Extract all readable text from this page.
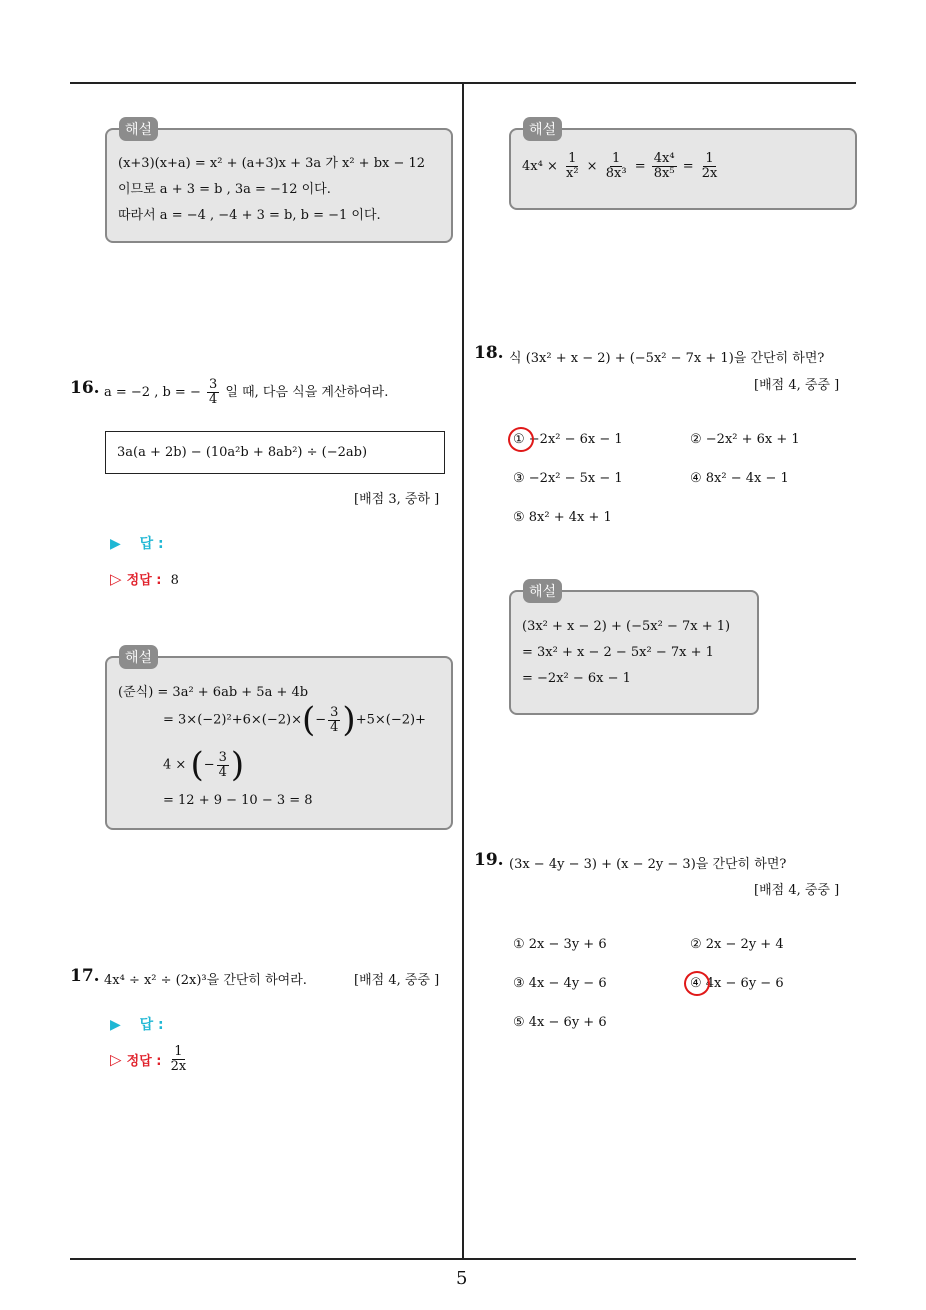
5
해설
(x+3)(x+a) = x² + (a+3)x + 3a 가 x² + bx − 12
이므로 a + 3 = b , 3a = −12 이다.
따라서 a = −4 , −4 + 3 = b, b = −1 이다.
16. a = −2 , b = − $\frac{3}{4}$ 일 때, 다음 식을 계산하여라.
3a(a + 2b) − (10a²b + 8ab²) ÷ (−2ab)
[배점 3, 중하 ]
▶ 답 :
▷ 정답 : 8
해설
(준식) = 3a² + 6ab + 5a + 4b
= $3\times(-2)^2+6\times(-2)\times(- \frac{3}{4} )+5\times(-2)+$
4 × (− $\frac{3}{4}$ )
= 12 + 9 − 10 − 3 = 8
17. 4x⁴ ÷ x² ÷ (2x)³을 간단히 하여라.	[배점 4, 중중 ]
▶ 답 :
▷ 정답 : $\frac{1}{2x}$
해설
$4x^4 \times \frac{1}{\text{x²}} \times \frac{1}{\text{8x³}} = \frac{\text{4x⁴}}{\text{8x⁵}} = \frac{1}{2x}$
18. 식 (3x² + x − 2) + (−5x² − 7x + 1)을 간단히 하면?
[배점 4, 중중 ]
① −2x² − 6x − 1	② −2x² + 6x + 1
③ −2x² − 5x − 1	④ 8x² − 4x − 1
⑤ 8x² + 4x + 1
해설
(3x² + x − 2) + (−5x² − 7x + 1)
= 3x² + x − 2 − 5x² − 7x + 1
= −2x² − 6x − 1
19. (3x − 4y − 3) + (x − 2y − 3)을 간단히 하면?
[배점 4, 중중 ]
① 2x − 3y + 6	② 2x − 2y + 4
③ 4x − 4y − 6	④ 4x − 6y − 6
⑤ 4x − 6y + 6
